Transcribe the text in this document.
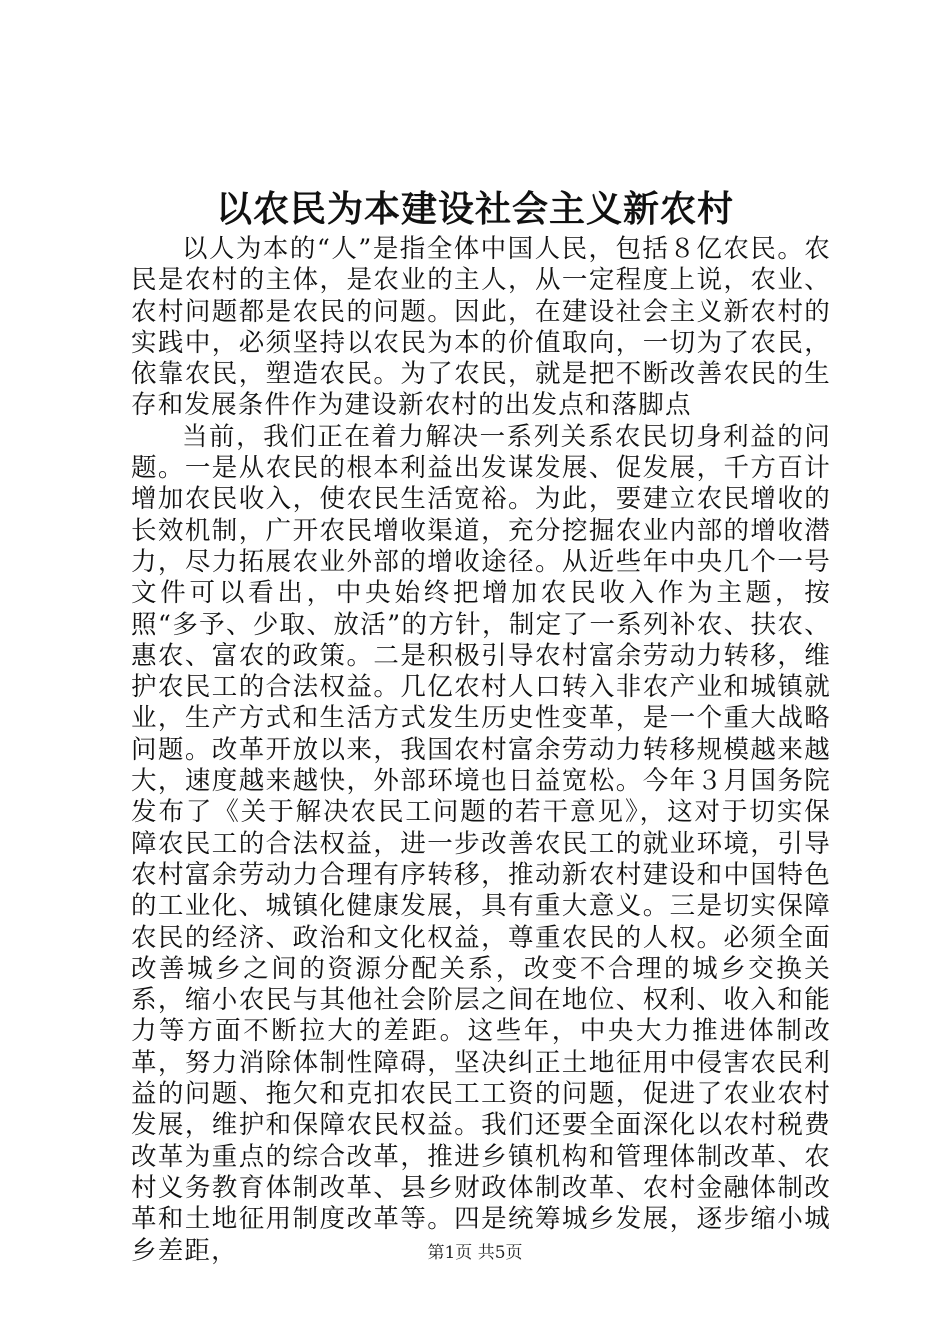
以农民为本建设社会主义新农村

以人为本的“人”是指全体中国人民，包括８亿农民。农民是农村的主体，是农业的主人，从一定程度上说，农业、农村问题都是农民的问题。因此，在建设社会主义新农村的实践中，必须坚持以农民为本的价值取向，一切为了农民，依靠农民，塑造农民。为了农民，就是把不断改善农民的生存和发展条件作为建设新农村的出发点和落脚点

当前，我们正在着力解决一系列关系农民切身利益的问题。一是从农民的根本利益出发谋发展、促发展，千方百计增加农民收入，使农民生活宽裕。为此，要建立农民增收的长效机制，广开农民增收渠道，充分挖掘农业内部的增收潜力，尽力拓展农业外部的增收途径。从近些年中央几个一号文件可以看出，中央始终把增加农民收入作为主题，按照“多予、少取、放活”的方针，制定了一系列补农、扶农、惠农、富农的政策。二是积极引导农村富余劳动力转移，维护农民工的合法权益。几亿农村人口转入非农产业和城镇就业，生产方式和生活方式发生历史性变革，是一个重大战略问题。改革开放以来，我国农村富余劳动力转移规模越来越大，速度越来越快，外部环境也日益宽松。今年３月国务院发布了《关于解决农民工问题的若干意见》，这对于切实保障农民工的合法权益，进一步改善农民工的就业环境，引导农村富余劳动力合理有序转移，推动新农村建设和中国特色的工业化、城镇化健康发展，具有重大意义。三是切实保障农民的经济、政治和文化权益，尊重农民的人权。必须全面改善城乡之间的资源分配关系，改变不合理的城乡交换关系，缩小农民与其他社会阶层之间在地位、权利、收入和能力等方面不断拉大的差距。这些年，中央大力推进体制改革，努力消除体制性障碍，坚决纠正土地征用中侵害农民利益的问题、拖欠和克扣农民工工资的问题，促进了农业农村发展，维护和保障农民权益。我们还要全面深化以农村税费改革为重点的综合改革，推进乡镇机构和管理体制改革、农村义务教育体制改革、县乡财政体制改革、农村金融体制改革和土地征用制度改革等。四是统筹城乡发展，逐步缩小城乡差距，	第1页 共5页
